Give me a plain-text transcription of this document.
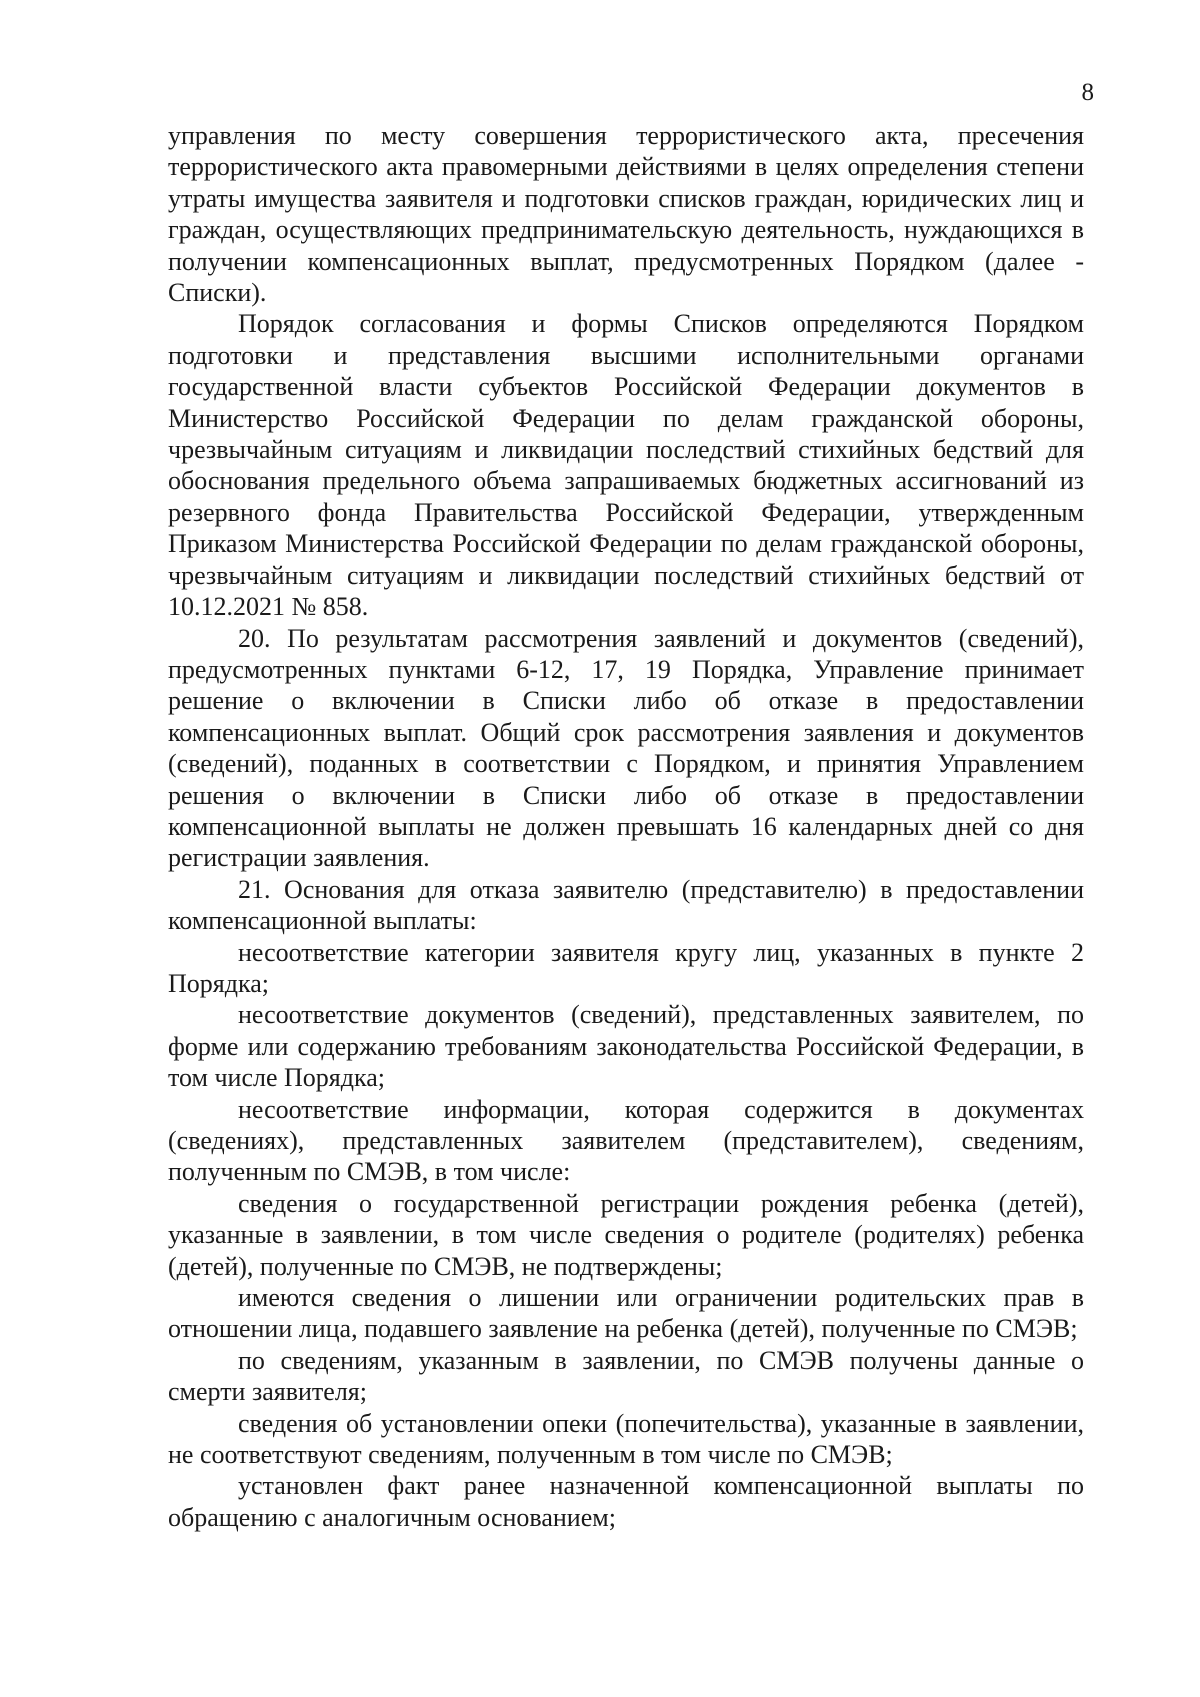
8

управления по месту совершения террористического акта, пресечения террористического акта правомерными действиями в целях определения степени утраты имущества заявителя и подготовки списков граждан, юридических лиц и граждан, осуществляющих предпринимательскую деятельность, нуждающихся в получении компенсационных выплат, предусмотренных Порядком (далее - Списки).

Порядок согласования и формы Списков определяются Порядком подготовки и представления высшими исполнительными органами государственной власти субъектов Российской Федерации документов в Министерство Российской Федерации по делам гражданской обороны, чрезвычайным ситуациям и ликвидации последствий стихийных бедствий для обоснования предельного объема запрашиваемых бюджетных ассигнований из резервного фонда Правительства Российской Федерации, утвержденным Приказом Министерства Российской Федерации по делам гражданской обороны, чрезвычайным ситуациям и ликвидации последствий стихийных бедствий от 10.12.2021 № 858.

20. По результатам рассмотрения заявлений и документов (сведений), предусмотренных пунктами 6-12, 17, 19 Порядка, Управление принимает решение о включении в Списки либо об отказе в предоставлении компенсационных выплат. Общий срок рассмотрения заявления и документов (сведений), поданных в соответствии с Порядком, и принятия Управлением решения о включении в Списки либо об отказе в предоставлении компенсационной выплаты не должен превышать 16 календарных дней со дня регистрации заявления.

21. Основания для отказа заявителю (представителю) в предоставлении компенсационной выплаты:

несоответствие категории заявителя кругу лиц, указанных в пункте 2 Порядка;

несоответствие документов (сведений), представленных заявителем, по форме или содержанию требованиям законодательства Российской Федерации, в том числе Порядка;

несоответствие информации, которая содержится в документах (сведениях), представленных заявителем (представителем), сведениям, полученным по СМЭВ, в том числе:

сведения о государственной регистрации рождения ребенка (детей), указанные в заявлении, в том числе сведения о родителе (родителях) ребенка (детей), полученные по СМЭВ, не подтверждены;

имеются сведения о лишении или ограничении родительских прав в отношении лица, подавшего заявление на ребенка (детей), полученные по СМЭВ;

по сведениям, указанным в заявлении, по СМЭВ получены данные о смерти заявителя;

сведения об установлении опеки (попечительства), указанные в заявлении, не соответствуют сведениям, полученным в том числе по СМЭВ;

установлен факт ранее назначенной компенсационной выплаты по обращению с аналогичным основанием;
